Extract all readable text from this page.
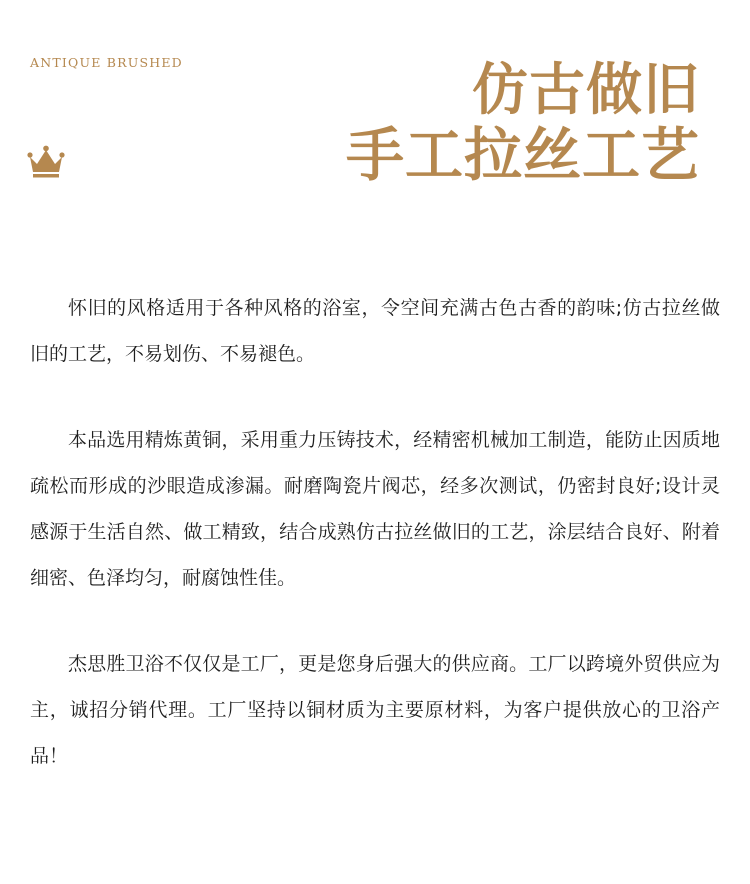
ANTIQUE BRUSHED	仿古做旧
手工拉丝工艺

怀旧的风格适用于各种风格的浴室，令空间充满古色古香的韵味;仿古拉丝做旧的工艺，不易划伤、不易褪色。

本品选用精炼黄铜，采用重力压铸技术，经精密机械加工制造，能防止因质地疏松而形成的沙眼造成渗漏。耐磨陶瓷片阀芯，经多次测试，仍密封良好;设计灵感源于生活自然、做工精致，结合成熟仿古拉丝做旧的工艺，涂层结合良好、附着细密、色泽均匀，耐腐蚀性佳。

杰思胜卫浴不仅仅是工厂，更是您身后强大的供应商。工厂以跨境外贸供应为主，诚招分销代理。工厂坚持以铜材质为主要原材料，为客户提供放心的卫浴产品！
